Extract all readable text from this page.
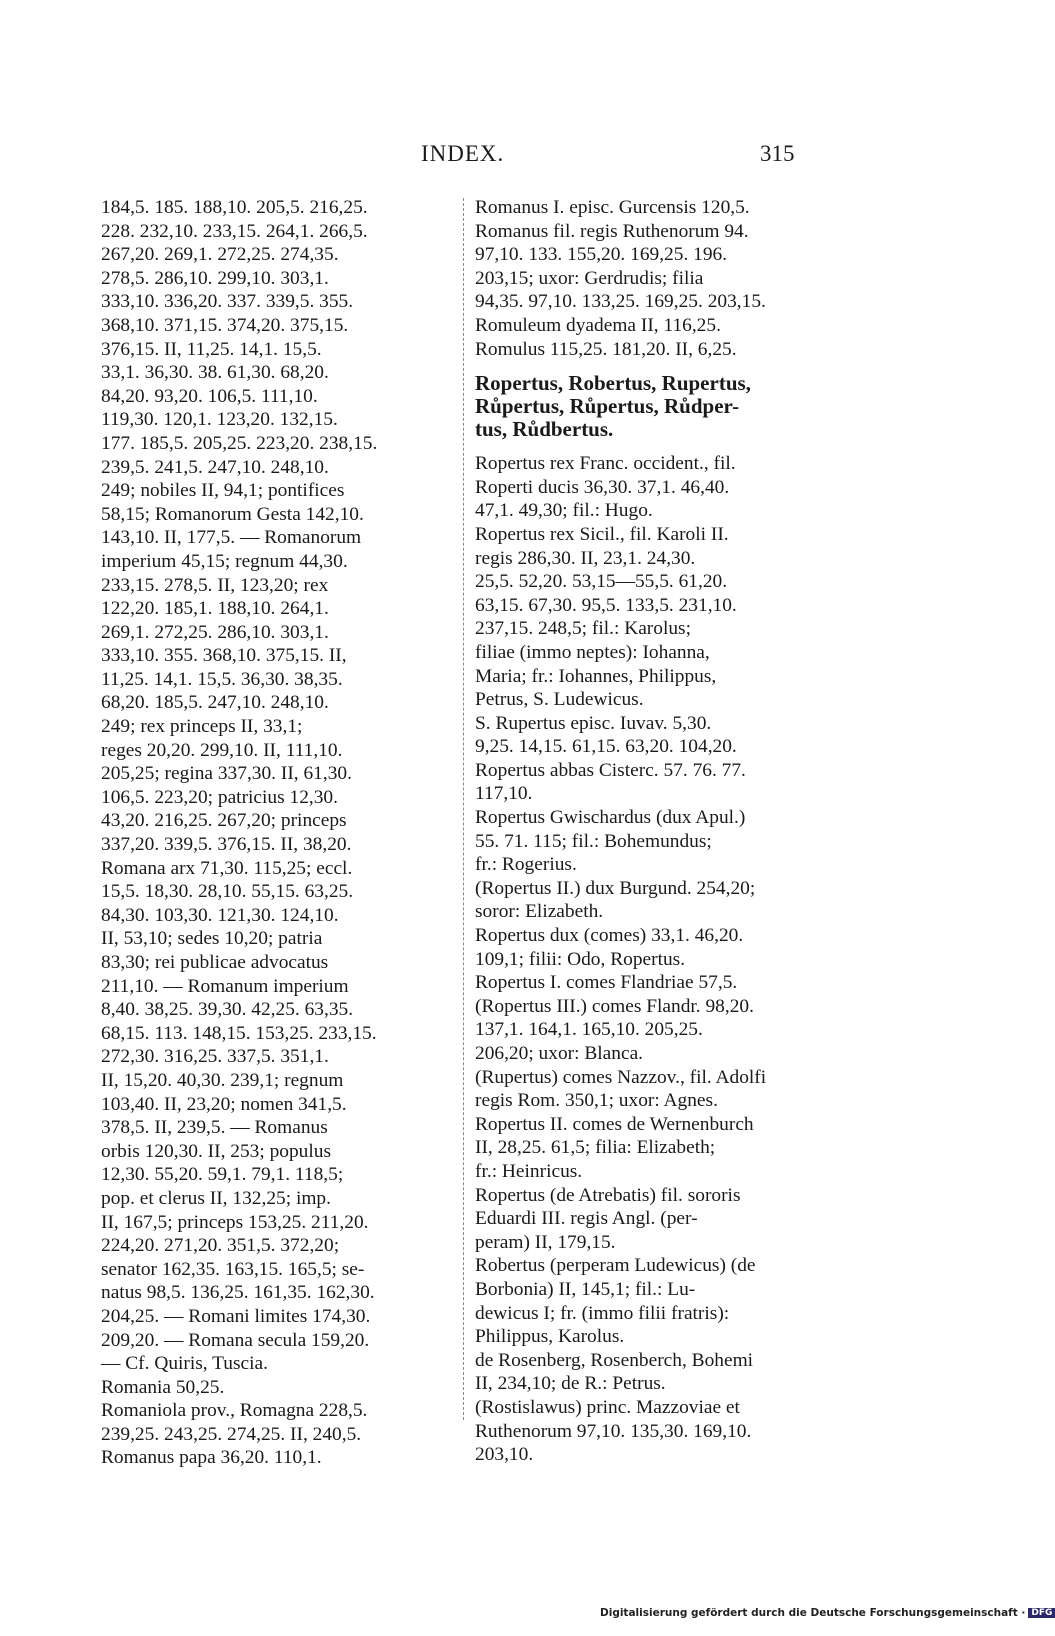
INDEX.	315
184,5. 185. 188,10. 205,5. 216,25.
228. 232,10. 233,15. 264,1. 266,5.
267,20. 269,1. 272,25. 274,35.
278,5. 286,10. 299,10. 303,1.
333,10. 336,20. 337. 339,5. 355.
368,10. 371,15. 374,20. 375,15.
376,15. II, 11,25. 14,1. 15,5.
33,1. 36,30. 38. 61,30. 68,20.
84,20. 93,20. 106,5. 111,10.
119,30. 120,1. 123,20. 132,15.
177. 185,5. 205,25. 223,20. 238,15.
239,5. 241,5. 247,10. 248,10.
249; nobiles II, 94,1; pontifices
58,15; Romanorum Gesta 142,10.
143,10. II, 177,5. — Romanorum
imperium 45,15; regnum 44,30.
233,15. 278,5. II, 123,20; rex
122,20. 185,1. 188,10. 264,1.
269,1. 272,25. 286,10. 303,1.
333,10. 355. 368,10. 375,15. II,
11,25. 14,1. 15,5. 36,30. 38,35.
68,20. 185,5. 247,10. 248,10.
249; rex princeps II, 33,1;
reges 20,20. 299,10. II, 111,10.
205,25; regina 337,30. II, 61,30.
106,5. 223,20; patricius 12,30.
43,20. 216,25. 267,20; princeps
337,20. 339,5. 376,15. II, 38,20.
Romana arx 71,30. 115,25; eccl.
15,5. 18,30. 28,10. 55,15. 63,25.
84,30. 103,30. 121,30. 124,10.
II, 53,10; sedes 10,20; patria
83,30; rei publicae advocatus
211,10. — Romanum imperium
8,40. 38,25. 39,30. 42,25. 63,35.
68,15. 113. 148,15. 153,25. 233,15.
272,30. 316,25. 337,5. 351,1.
II, 15,20. 40,30. 239,1; regnum
103,40. II, 23,20; nomen 341,5.
378,5. II, 239,5. — Romanus
orbis 120,30. II, 253; populus
12,30. 55,20. 59,1. 79,1. 118,5;
pop. et clerus II, 132,25; imp.
II, 167,5; princeps 153,25. 211,20.
224,20. 271,20. 351,5. 372,20;
senator 162,35. 163,15. 165,5; se-
natus 98,5. 136,25. 161,35. 162,30.
204,25. — Romani limites 174,30.
209,20. — Romana secula 159,20.
— Cf. Quiris, Tuscia.
Romania 50,25.
Romaniola prov., Romagna 228,5.
239,25. 243,25. 274,25. II, 240,5.
Romanus papa 36,20. 110,1.
Romanus I. episc. Gurcensis 120,5.
Romanus fil. regis Ruthenorum 94.
97,10. 133. 155,20. 169,25. 196.
203,15; uxor: Gerdrudis; filia
94,35. 97,10. 133,25. 169,25. 203,15.
Romuleum dyadema II, 116,25.
Romulus 115,25. 181,20. II, 6,25.
Ropertus, Robertus, Rupertus,
Růpertus, Růpertus, Růdper-
tus, Růdbertus.
Ropertus rex Franc. occident., fil.
Roperti ducis 36,30. 37,1. 46,40.
47,1. 49,30; fil.: Hugo.
Ropertus rex Sicil., fil. Karoli II.
regis 286,30. II, 23,1. 24,30.
25,5. 52,20. 53,15—55,5. 61,20.
63,15. 67,30. 95,5. 133,5. 231,10.
237,15. 248,5; fil.: Karolus;
filiae (immo neptes): Iohanna,
Maria; fr.: Iohannes, Philippus,
Petrus, S. Ludewicus.
S. Rupertus episc. Iuvav. 5,30.
9,25. 14,15. 61,15. 63,20. 104,20.
Ropertus abbas Cisterc. 57. 76. 77.
117,10.
Ropertus Gwischardus (dux Apul.)
55. 71. 115; fil.: Bohemundus;
fr.: Rogerius.
(Ropertus II.) dux Burgund. 254,20;
soror: Elizabeth.
Ropertus dux (comes) 33,1. 46,20.
109,1; filii: Odo, Ropertus.
Ropertus I. comes Flandriae 57,5.
(Ropertus III.) comes Flandr. 98,20.
137,1. 164,1. 165,10. 205,25.
206,20; uxor: Blanca.
(Rupertus) comes Nazzov., fil. Adolfi
regis Rom. 350,1; uxor: Agnes.
Ropertus II. comes de Wernenburch
II, 28,25. 61,5; filia: Elizabeth;
fr.: Heinricus.
Ropertus (de Atrebatis) fil. sororis
Eduardi III. regis Angl. (per-
peram) II, 179,15.
Robertus (perperam Ludewicus) (de
Borbonia) II, 145,1; fil.: Lu-
dewicus I; fr. (immo filii fratris):
Philippus, Karolus.
de Rosenberg, Rosenberch, Bohemi
II, 234,10; de R.: Petrus.
(Rostislawus) princ. Mazzoviae et
Ruthenorum 97,10. 135,30. 169,10.
203,10.
Digitalisierung gefördert durch die Deutsche Forschungsgemeinschaft · DFG
